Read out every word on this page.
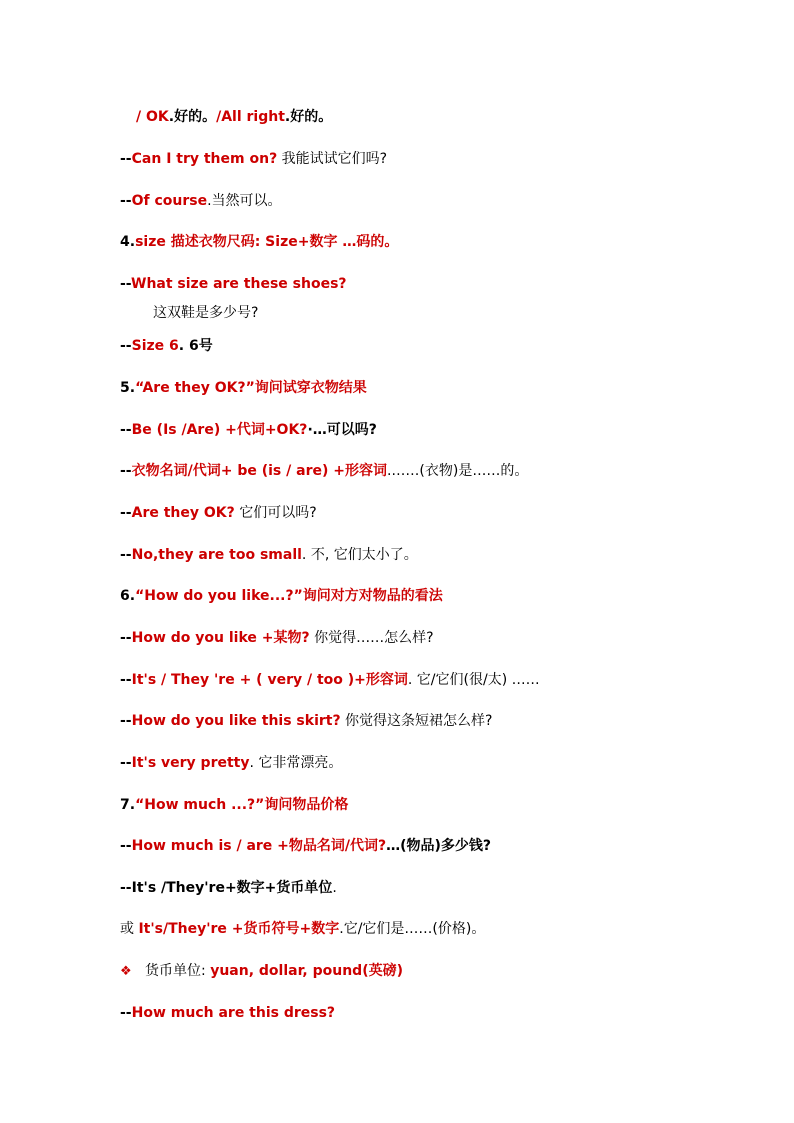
/ OK.好的。/All right.好的。
--Can I try them on? 我能试试它们吗?
--Of course.当然可以。
4.size 描述衣物尺码: Size+数字 …码的。
--What size are these shoes?
这双鞋是多少号?
--Size 6. 6号
5.“Are they OK?”询问试穿衣物结果
--Be (Is /Are) +代词+OK?·…可以吗?
--衣物名词/代词+ be (is / are) +形容词.……(衣物)是……的。
--Are they OK? 它们可以吗?
--No,they are too small. 不, 它们太小了。
6.“How do you like...?”询问对方对物品的看法
--How do you like +某物? 你觉得……怎么样?
--It's / They 're + ( very / too )+形容词. 它/它们(很/太) ……
--How do you like this skirt? 你觉得这条短裙怎么样?
--It's very pretty. 它非常漂亮。
7.“How much ...?”询问物品价格
--How much is / are +物品名词/代词?…(物品)多少钱?
--It's /They're+数字+货币单位.
或 It's/They're +货币符号+数字.它/它们是……(价格)。
❖ 货币单位: yuan, dollar, pound(英磅)
--How much are this dress?
